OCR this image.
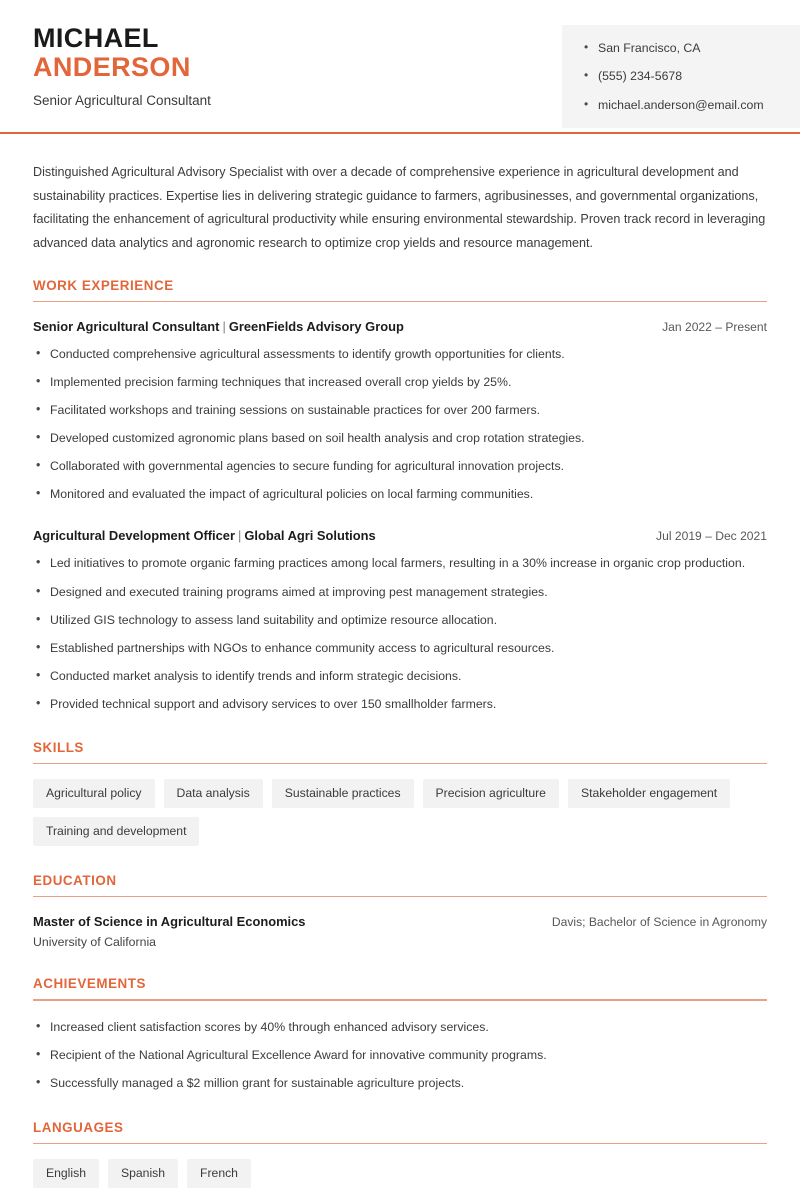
MICHAEL
ANDERSON
Senior Agricultural Consultant
• San Francisco, CA
• (555) 234-5678
• michael.anderson@email.com

Distinguished Agricultural Advisory Specialist with over a decade of comprehensive experience in agricultural development and sustainability practices. Expertise lies in delivering strategic guidance to farmers, agribusinesses, and governmental organizations, facilitating the enhancement of agricultural productivity while ensuring environmental stewardship. Proven track record in leveraging advanced data analytics and agronomic research to optimize crop yields and resource management.

WORK EXPERIENCE
Senior Agricultural Consultant | GreenFields Advisory Group	Jan 2022 – Present
• Conducted comprehensive agricultural assessments to identify growth opportunities for clients.
• Implemented precision farming techniques that increased overall crop yields by 25%.
• Facilitated workshops and training sessions on sustainable practices for over 200 farmers.
• Developed customized agronomic plans based on soil health analysis and crop rotation strategies.
• Collaborated with governmental agencies to secure funding for agricultural innovation projects.
• Monitored and evaluated the impact of agricultural policies on local farming communities.
Agricultural Development Officer | Global Agri Solutions	Jul 2019 – Dec 2021
• Led initiatives to promote organic farming practices among local farmers, resulting in a 30% increase in organic crop production.
• Designed and executed training programs aimed at improving pest management strategies.
• Utilized GIS technology to assess land suitability and optimize resource allocation.
• Established partnerships with NGOs to enhance community access to agricultural resources.
• Conducted market analysis to identify trends and inform strategic decisions.
• Provided technical support and advisory services to over 150 smallholder farmers.
SKILLS
Agricultural policy	Data analysis	Sustainable practices	Precision agriculture	Stakeholder engagement
Training and development
EDUCATION
Master of Science in Agricultural Economics	Davis; Bachelor of Science in Agronomy
University of California
ACHIEVEMENTS
• Increased client satisfaction scores by 40% through enhanced advisory services.
• Recipient of the National Agricultural Excellence Award for innovative community programs.
• Successfully managed a $2 million grant for sustainable agriculture projects.
LANGUAGES
English	Spanish	French
